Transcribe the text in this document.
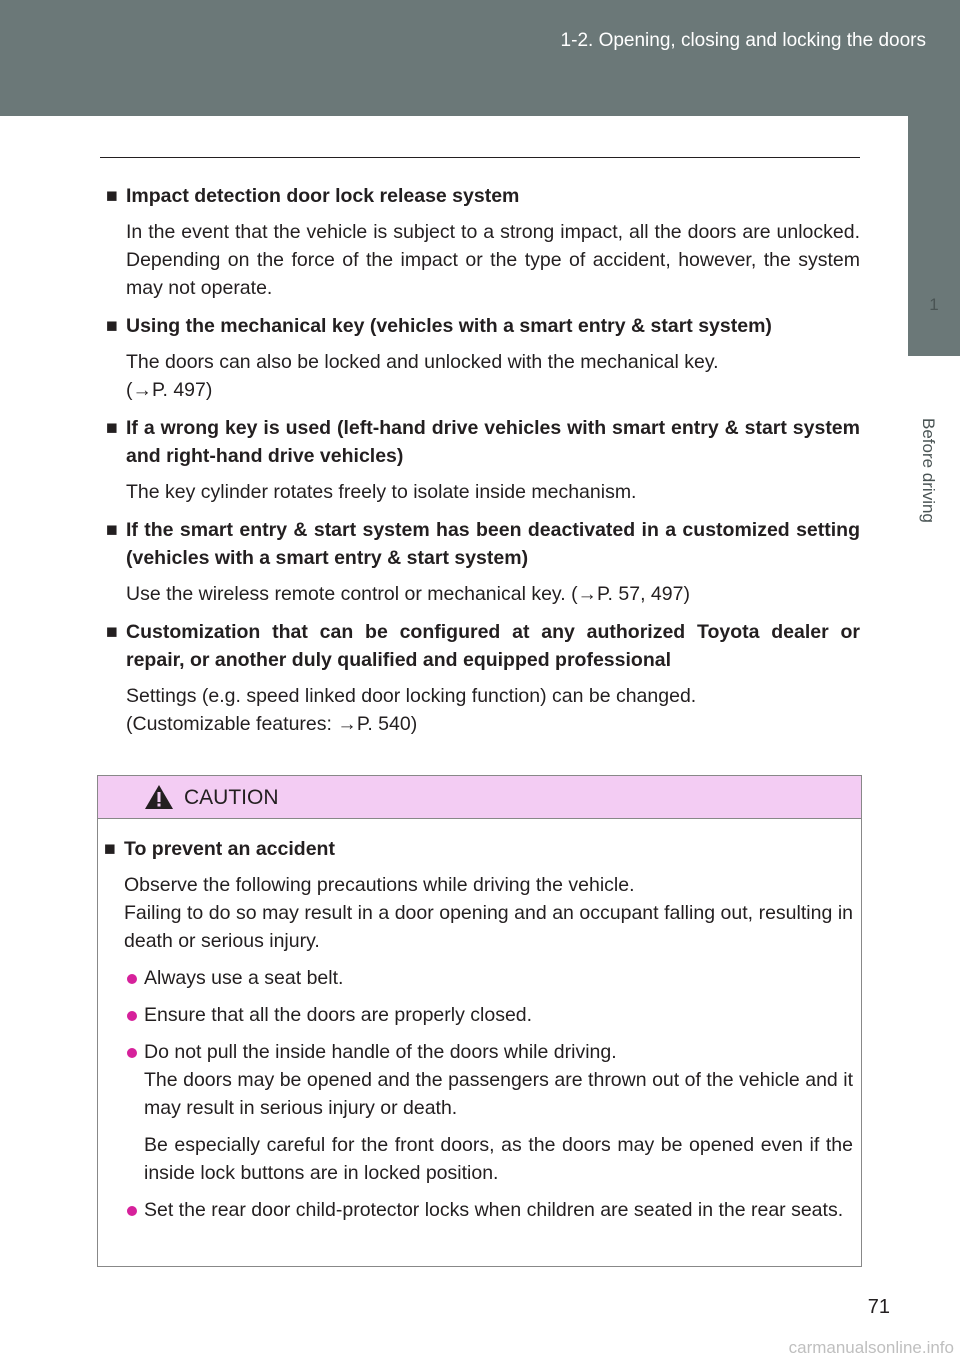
1-2. Opening, closing and locking the doors
1
Before driving
■ Impact detection door lock release system
In the event that the vehicle is subject to a strong impact, all the doors are unlocked. Depending on the force of the impact or the type of accident, however, the system may not operate.
■ Using the mechanical key (vehicles with a smart entry & start system)
The doors can also be locked and unlocked with the mechanical key.
(→P. 497)
■ If a wrong key is used (left-hand drive vehicles with smart entry & start system and right-hand drive vehicles)
The key cylinder rotates freely to isolate inside mechanism.
■ If the smart entry & start system has been deactivated in a customized setting (vehicles with a smart entry & start system)
Use the wireless remote control or mechanical key. (→P. 57, 497)
■ Customization that can be configured at any authorized Toyota dealer or repair, or another duly qualified and equipped professional
Settings (e.g. speed linked door locking function) can be changed.
(Customizable features: →P. 540)
CAUTION
■ To prevent an accident
Observe the following precautions while driving the vehicle.
Failing to do so may result in a door opening and an occupant falling out, resulting in death or serious injury.
Always use a seat belt.
Ensure that all the doors are properly closed.
Do not pull the inside handle of the doors while driving.
The doors may be opened and the passengers are thrown out of the vehicle and it may result in serious injury or death.
Be especially careful for the front doors, as the doors may be opened even if the inside lock buttons are in locked position.
Set the rear door child-protector locks when children are seated in the rear seats.
71
carmanualsonline.info
